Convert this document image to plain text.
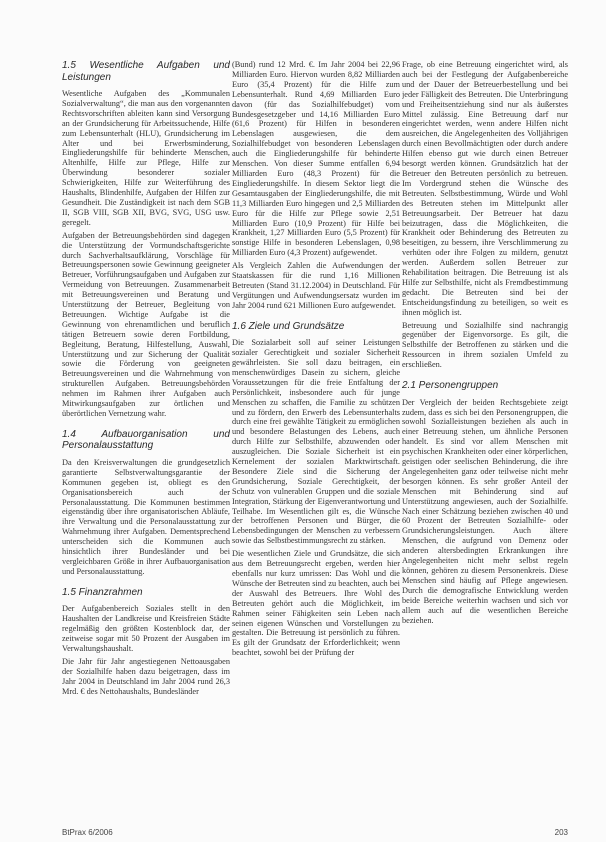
1.5 Wesentliche Aufgaben und Leistungen

Wesentliche Aufgaben des „Kommunalen Sozialverwaltung“, die man aus den vorgenannten Rechtsvorschriften ableiten kann sind Versorgung an der Grundsicherung für Arbeitssuchende, Hilfe zum Lebensunterhalt (HLU), Grundsicherung im Alter und bei Erwerbsminderung, Eingliederungshilfe für behinderte Menschen, Altenhilfe, Hilfe zur Pflege, Hilfe zur Überwindung besonderer sozialer Schwierigkeiten, Hilfe zur Weiterführung des Haushalts, Blindenhilfe, Aufgaben der Hilfen zur Gesundheit. Die Zuständigkeit ist nach dem SGB II, SGB VIII, SGB XII, BVG, SVG, USG usw. geregelt.

Aufgaben der Betreuungsbehörden sind dagegen die Unterstützung der Vormundschaftsgerichte durch Sachverhaltsaufklärung, Vorschläge für Betreuungspersonen sowie Gewinnung geeigneter Betreuer, Vorführungsaufgaben und Aufgaben zur Vermeidung von Betreuungen. Zusammenarbeit mit Betreuungsvereinen und Beratung und Unterstützung der Betreuer, Begleitung von Betreuungen. Wichtige Aufgabe ist die Gewinnung von ehrenamtlichen und beruflich tätigen Betreuern sowie deren Fortbildung, Begleitung, Beratung, Hilfestellung, Auswahl, Unterstützung und zur Sicherung der Qualität sowie die Förderung von geeigneten Betreuungsvereinen und die Wahrnehmung von strukturellen Aufgaben. Betreuungsbehörden nehmen im Rahmen ihrer Aufgaben auch Mitwirkungsaufgaben zur örtlichen und überörtlichen Vernetzung wahr.

1.4 Aufbauorganisation und Personalausstattung

Da den Kreisverwaltungen die grundgesetzlich garantierte Selbstverwaltungsgarantie der Kommunen gegeben ist, obliegt es den Organisationsbereich auch der Personalausstattung. Die Kommunen bestimmen eigenständig über ihre organisatorischen Abläufe, ihre Verwaltung und die Personalausstattung zur Wahrnehmung ihrer Aufgaben. Dementsprechend unterscheiden sich die Kommunen auch hinsichtlich ihrer Bundesländer und bei vergleichbaren Größe in ihrer Aufbauorganisation und Personalausstattung.

1.5 Finanzrahmen

Der Aufgabenbereich Soziales stellt in den Haushalten der Landkreise und Kreisfreien Städte regelmäßig den größten Kostenblock dar, der zeitweise sogar mit 50 Prozent der Ausgaben im Verwaltungshaushalt.

Die Jahr für Jahr angestiegenen Nettoausgaben der Sozialhilfe haben dazu beigetragen, dass im Jahr 2004 in Deutschland im Jahr 2004 rund 26,3 Mrd. € des Nettohaushalts, Bundesländer

(Bund) rund 12 Mrd. €. Im Jahr 2004 bei 22,96 Milliarden Euro. Hiervon wurden 8,82 Milliarden Euro (35,4 Prozent) für die Hilfe zum Lebensunterhalt. Rund 4,69 Milliarden Euro davon (für das Sozialhilfebudget) vom Bundesgesetzgeber und 14,16 Milliarden Euro (61,6 Prozent) für Hilfen in besonderen Lebenslagen ausgewiesen, die dem Sozialhilfebudget von besonderen Lebenslagen auch die Eingliederungshilfe für behinderte Menschen. Von dieser Summe entfallen 6,94 Milliarden Euro (48,3 Prozent) für die Eingliederungshilfe. In diesem Sektor liegt die Gesamtausgaben der Eingliederungshilfe, die mit 11,3 Milliarden Euro hingegen und 2,5 Milliarden Euro für die Hilfe zur Pflege sowie 2,51 Milliarden Euro (10,9 Prozent) für Hilfe bei Krankheit, 1,27 Milliarden Euro (5,5 Prozent) für sonstige Hilfe in besonderen Lebenslagen, 0,98 Milliarden Euro (4,3 Prozent) aufgewendet.

Als Vergleich Zahlen die Aufwendungen der Staatskassen für die rund 1,16 Millionen Betreuten (Stand 31.12.2004) in Deutschland. Für Vergütungen und Aufwendungsersatz wurden im Jahr 2004 rund 621 Millionen Euro aufgewendet.

1.6 Ziele und Grundsätze

Die Sozialarbeit soll auf seiner Leistungen sozialer Gerechtigkeit und sozialer Sicherheit gewährleisten. Sie soll dazu beitragen, ein menschenwürdiges Dasein zu sichern, gleiche Voraussetzungen für die freie Entfaltung der Persönlichkeit, insbesondere auch für junge Menschen zu schaffen, die Familie zu schützen und zu fördern, den Erwerb des Lebensunterhalts durch eine frei gewählte Tätigkeit zu ermöglichen und besondere Belastungen des Lebens, auch durch Hilfe zur Selbsthilfe, abzuwenden oder auszugleichen. Die Soziale Sicherheit ist ein Kernelement der sozialen Marktwirtschaft. Besondere Ziele sind die Sicherung der Grundsicherung, Soziale Gerechtigkeit, der Schutz von vulnerablen Gruppen und die soziale Integration, Stärkung der Eigenverantwortung und Teilhabe. Im Wesentlichen gilt es, die Wünsche der betroffenen Personen und Bürger, die Lebensbedingungen der Menschen zu verbessern sowie das Selbstbestimmungsrecht zu stärken.

Die wesentlichen Ziele und Grundsätze, die sich aus dem Betreuungsrecht ergeben, werden hier ebenfalls nur kurz umrissen: Das Wohl und die Wünsche der Betreuten sind zu beachten, auch bei der Auswahl des Betreuers. Ihre Wohl des Betreuten gehört auch die Möglichkeit, im Rahmen seiner Fähigkeiten sein Leben nach seinen eigenen Wünschen und Vorstellungen zu gestalten. Die Betreuung ist persönlich zu führen. Es gilt der Grundsatz der Erforderlichkeit; wenn beachtet, sowohl bei der Prüfung der

Frage, ob eine Betreuung eingerichtet wird, als auch bei der Festlegung der Aufgabenbereiche und der Dauer der Betreuerbestellung und bei jeder Fälligkeit des Betreuten. Die Unterbringung und Freiheitsentziehung sind nur als äußerstes Mittel zulässig. Eine Betreuung darf nur eingerichtet werden, wenn andere Hilfen nicht ausreichen, die Angelegenheiten des Volljährigen durch einen Bevollmächtigten oder durch andere Hilfen ebenso gut wie durch einen Betreuer besorgt werden können. Grundsätzlich hat der Betreuer den Betreuten persönlich zu betreuen. Im Vordergrund stehen die Wünsche des Betreuten. Selbstbestimmung, Würde und Wohl des Betreuten stehen im Mittelpunkt aller Betreuungsarbeit. Der Betreuer hat dazu beizutragen, dass die Möglichkeiten, die Krankheit oder Behinderung des Betreuten zu beseitigen, zu bessern, ihre Verschlimmerung zu verhüten oder ihre Folgen zu mildern, genutzt werden. Außerdem sollen Betreuer zur Rehabilitation beitragen. Die Betreuung ist als Hilfe zur Selbsthilfe, nicht als Fremdbestimmung gedacht. Die Betreuten sind bei der Entscheidungsfindung zu beteiligen, so weit es ihnen möglich ist.

Betreuung und Sozialhilfe sind nachrangig gegenüber der Eigenvorsorge. Es gilt, die Selbsthilfe der Betroffenen zu stärken und die Ressourcen in ihrem sozialen Umfeld zu erschließen.

2.1 Personengruppen

Der Vergleich der beiden Rechtsgebiete zeigt zudem, dass es sich bei den Personengruppen, die sowohl Sozialleistungen beziehen als auch in einer Betreuung stehen, um ähnliche Personen handelt. Es sind vor allem Menschen mit psychischen Krankheiten oder einer körperlichen, geistigen oder seelischen Behinderung, die ihre Angelegenheiten ganz oder teilweise nicht mehr besorgen können. Es sehr großer Anteil der Menschen mit Behinderung sind auf Unterstützung angewiesen, auch der Sozialhilfe. Nach einer Schätzung beziehen zwischen 40 und 60 Prozent der Betreuten Sozialhilfe- oder Grundsicherungsleistungen. Auch ältere Menschen, die aufgrund von Demenz oder anderen altersbedingten Erkrankungen ihre Angelegenheiten nicht mehr selbst regeln können, gehören zu diesem Personenkreis. Diese Menschen sind häufig auf Pflege angewiesen. Durch die demografische Entwicklung werden beide Bereiche weiterhin wachsen und sich vor allem auch auf die wesentlichen Bereiche beziehen.

BtPrax 6/2006	203
